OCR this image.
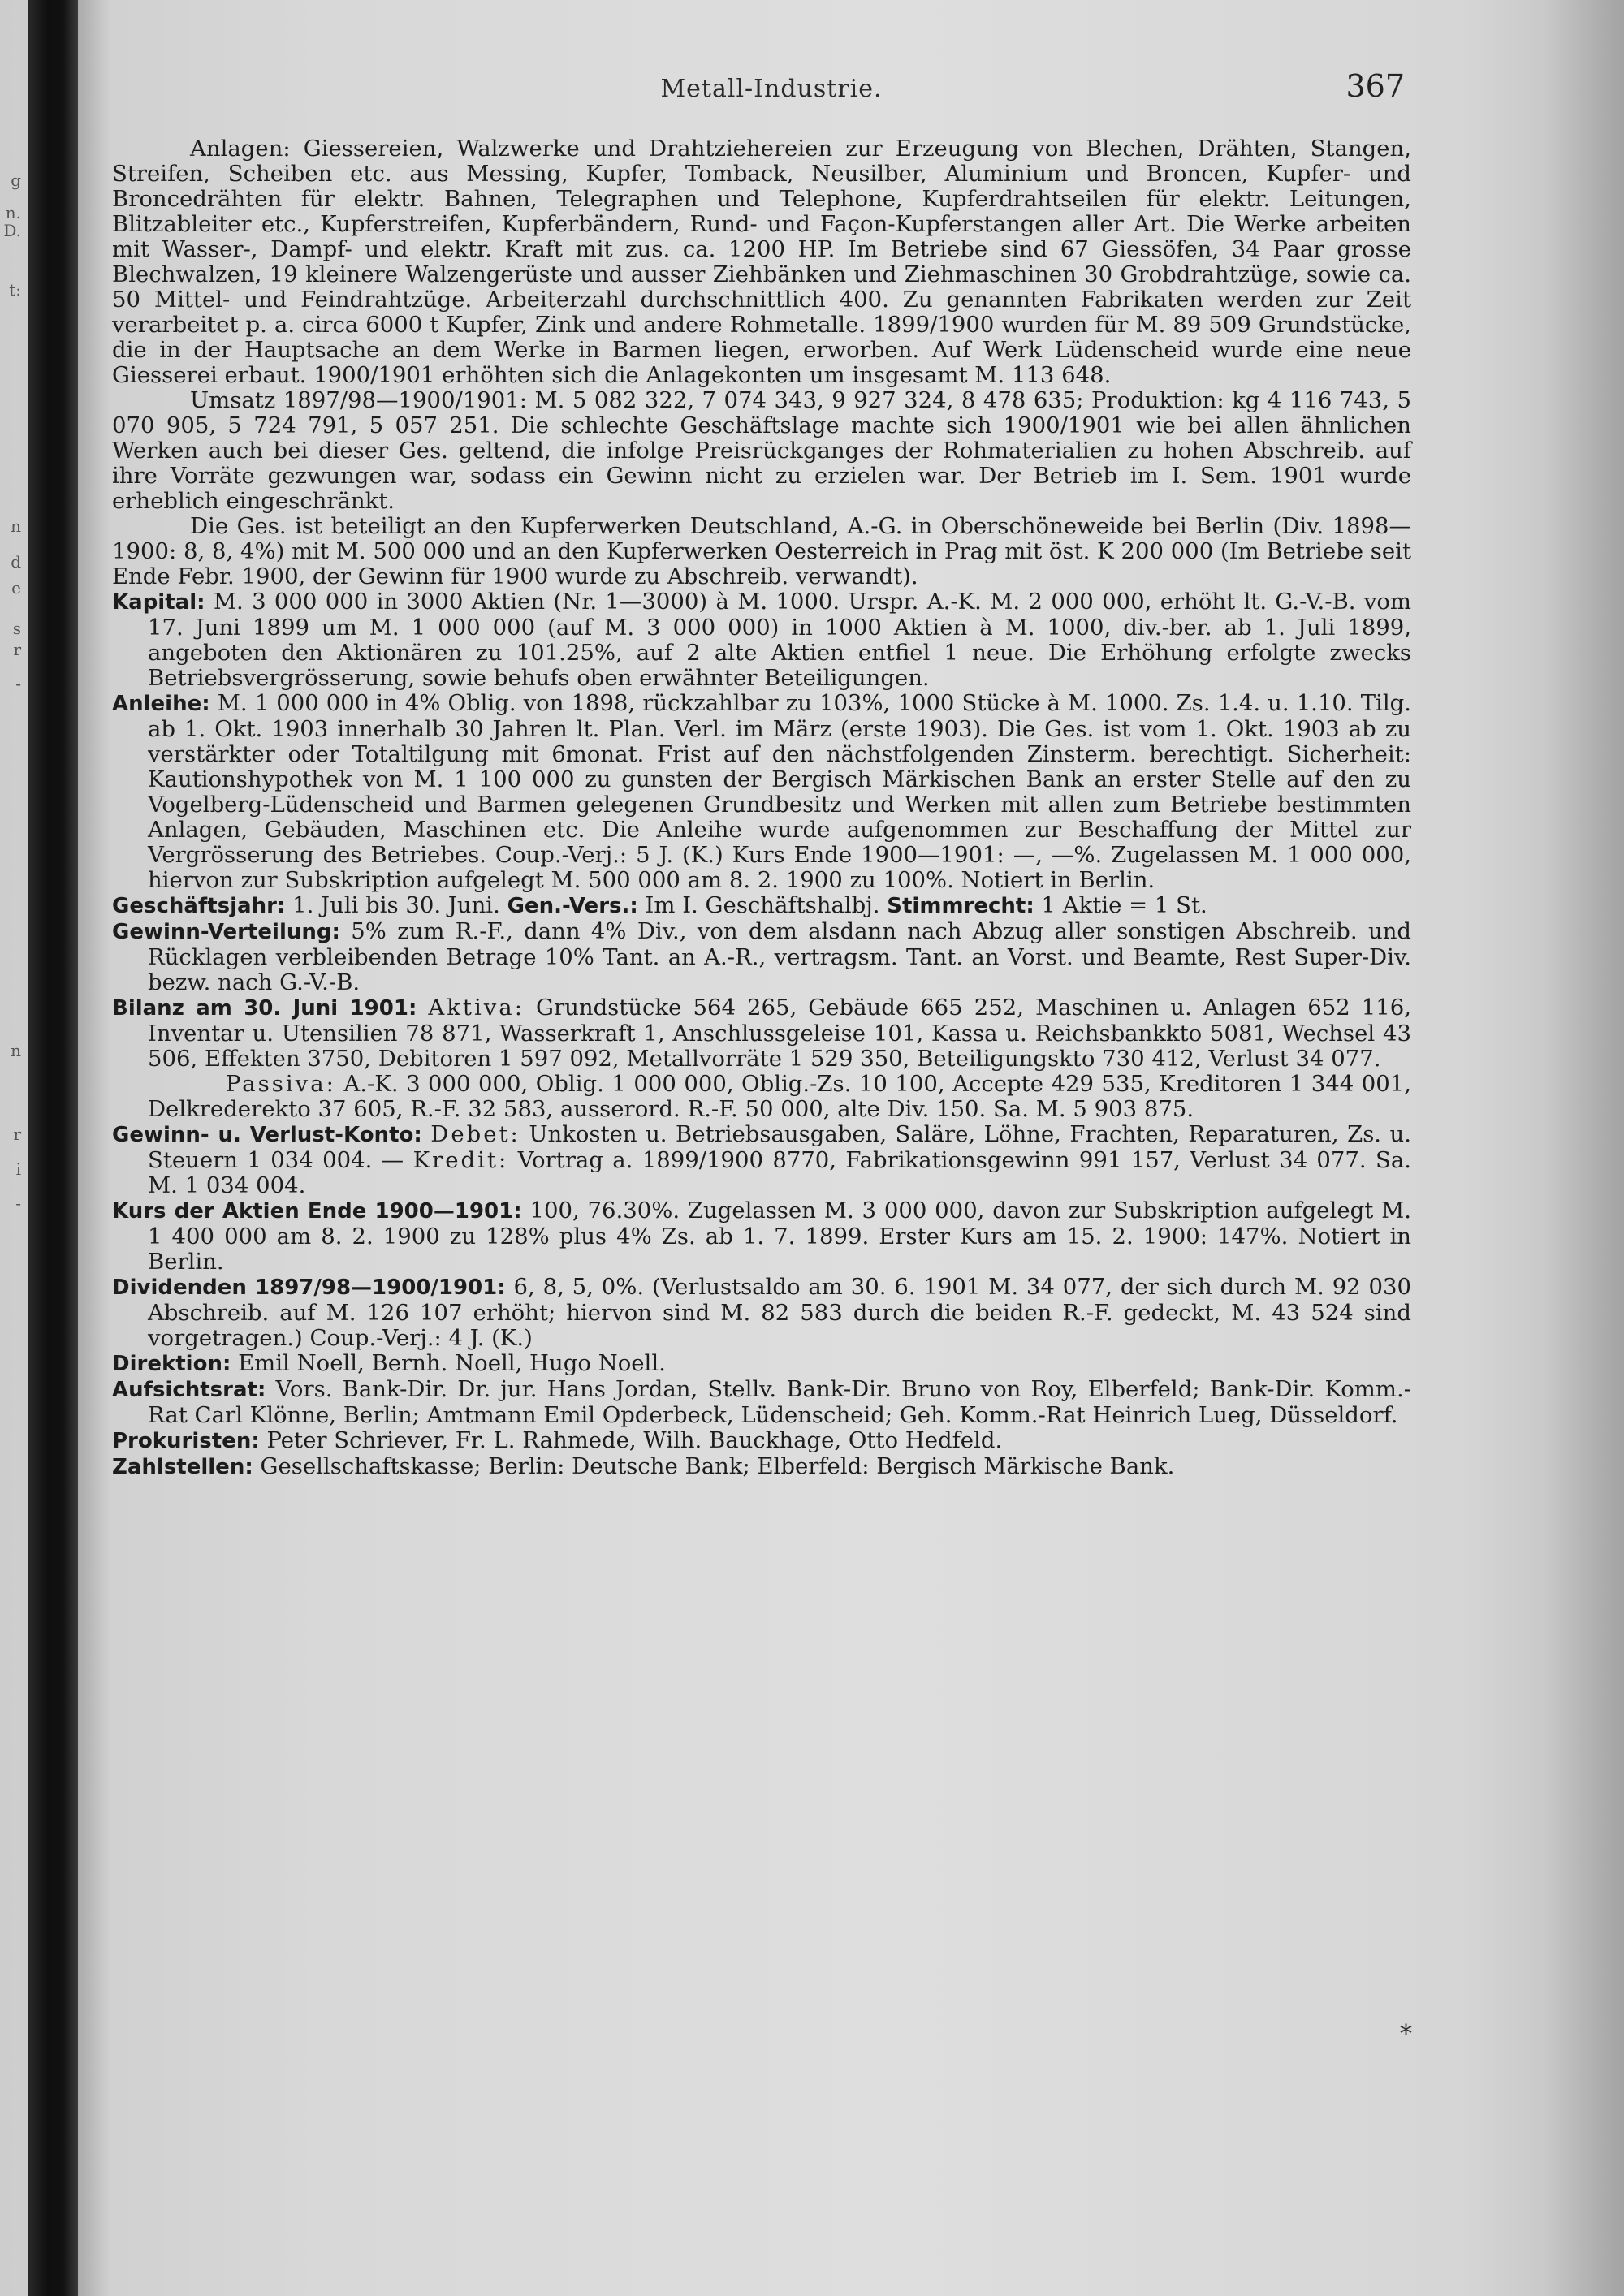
g
n.
D.
t:
n
d
e
s
r
-
n
r
i
-
Metall-Industrie.	367

Anlagen: Giessereien, Walzwerke und Drahtziehereien zur Erzeugung von Blechen, Drähten, Stangen, Streifen, Scheiben etc. aus Messing, Kupfer, Tomback, Neusilber, Aluminium und Broncen, Kupfer- und Broncedrähten für elektr. Bahnen, Telegraphen und Telephone, Kupferdrahtseilen für elektr. Leitungen, Blitzableiter etc., Kupferstreifen, Kupferbändern, Rund- und Façon-Kupferstangen aller Art. Die Werke arbeiten mit Wasser-, Dampf- und elektr. Kraft mit zus. ca. 1200 HP. Im Betriebe sind 67 Giessöfen, 34 Paar grosse Blechwalzen, 19 kleinere Walzengerüste und ausser Ziehbänken und Ziehmaschinen 30 Grobdrahtzüge, sowie ca. 50 Mittel- und Feindrahtzüge. Arbeiterzahl durchschnittlich 400. Zu genannten Fabrikaten werden zur Zeit verarbeitet p. a. circa 6000 t Kupfer, Zink und andere Rohmetalle. 1899/1900 wurden für M. 89 509 Grundstücke, die in der Hauptsache an dem Werke in Barmen liegen, erworben. Auf Werk Lüdenscheid wurde eine neue Giesserei erbaut. 1900/1901 erhöhten sich die Anlagekonten um insgesamt M. 113 648.

Umsatz 1897/98—1900/1901: M. 5 082 322, 7 074 343, 9 927 324, 8 478 635; Produktion: kg 4 116 743, 5 070 905, 5 724 791, 5 057 251. Die schlechte Geschäftslage machte sich 1900/1901 wie bei allen ähnlichen Werken auch bei dieser Ges. geltend, die infolge Preisrückganges der Rohmaterialien zu hohen Abschreib. auf ihre Vorräte gezwungen war, sodass ein Gewinn nicht zu erzielen war. Der Betrieb im I. Sem. 1901 wurde erheblich eingeschränkt.

Die Ges. ist beteiligt an den Kupferwerken Deutschland, A.-G. in Oberschöneweide bei Berlin (Div. 1898—1900: 8, 8, 4%) mit M. 500 000 und an den Kupferwerken Oesterreich in Prag mit öst. K 200 000 (Im Betriebe seit Ende Febr. 1900, der Gewinn für 1900 wurde zu Abschreib. verwandt).

Kapital: M. 3 000 000 in 3000 Aktien (Nr. 1—3000) à M. 1000. Urspr. A.-K. M. 2 000 000, erhöht lt. G.-V.-B. vom 17. Juni 1899 um M. 1 000 000 (auf M. 3 000 000) in 1000 Aktien à M. 1000, div.-ber. ab 1. Juli 1899, angeboten den Aktionären zu 101.25%, auf 2 alte Aktien entfiel 1 neue. Die Erhöhung erfolgte zwecks Betriebsvergrösserung, sowie behufs oben erwähnter Beteiligungen.

Anleihe: M. 1 000 000 in 4% Oblig. von 1898, rückzahlbar zu 103%, 1000 Stücke à M. 1000. Zs. 1.4. u. 1.10. Tilg. ab 1. Okt. 1903 innerhalb 30 Jahren lt. Plan. Verl. im März (erste 1903). Die Ges. ist vom 1. Okt. 1903 ab zu verstärkter oder Totaltilgung mit 6monat. Frist auf den nächstfolgenden Zinsterm. berechtigt. Sicherheit: Kautionshypothek von M. 1 100 000 zu gunsten der Bergisch Märkischen Bank an erster Stelle auf den zu Vogelberg-Lüdenscheid und Barmen gelegenen Grundbesitz und Werken mit allen zum Betriebe bestimmten Anlagen, Gebäuden, Maschinen etc. Die Anleihe wurde aufgenommen zur Beschaffung der Mittel zur Vergrösserung des Betriebes. Coup.-Verj.: 5 J. (K.) Kurs Ende 1900—1901: —, —%. Zugelassen M. 1 000 000, hiervon zur Subskription aufgelegt M. 500 000 am 8. 2. 1900 zu 100%. Notiert in Berlin.

Geschäftsjahr: 1. Juli bis 30. Juni. Gen.-Vers.: Im I. Geschäftshalbj. Stimmrecht: 1 Aktie = 1 St.

Gewinn-Verteilung: 5% zum R.-F., dann 4% Div., von dem alsdann nach Abzug aller sonstigen Abschreib. und Rücklagen verbleibenden Betrage 10% Tant. an A.-R., vertragsm. Tant. an Vorst. und Beamte, Rest Super-Div. bezw. nach G.-V.-B.

Bilanz am 30. Juni 1901: Aktiva: Grundstücke 564 265, Gebäude 665 252, Maschinen u. Anlagen 652 116, Inventar u. Utensilien 78 871, Wasserkraft 1, Anschlussgeleise 101, Kassa u. Reichsbankkto 5081, Wechsel 43 506, Effekten 3750, Debitoren 1 597 092, Metallvorräte 1 529 350, Beteiligungskto 730 412, Verlust 34 077.

Passiva: A.-K. 3 000 000, Oblig. 1 000 000, Oblig.-Zs. 10 100, Accepte 429 535, Kreditoren 1 344 001, Delkrederekto 37 605, R.-F. 32 583, ausserord. R.-F. 50 000, alte Div. 150. Sa. M. 5 903 875.

Gewinn- u. Verlust-Konto: Debet: Unkosten u. Betriebsausgaben, Saläre, Löhne, Frachten, Reparaturen, Zs. u. Steuern 1 034 004. — Kredit: Vortrag a. 1899/1900 8770, Fabrikationsgewinn 991 157, Verlust 34 077. Sa. M. 1 034 004.

Kurs der Aktien Ende 1900—1901: 100, 76.30%. Zugelassen M. 3 000 000, davon zur Subskription aufgelegt M. 1 400 000 am 8. 2. 1900 zu 128% plus 4% Zs. ab 1. 7. 1899. Erster Kurs am 15. 2. 1900: 147%. Notiert in Berlin.

Dividenden 1897/98—1900/1901: 6, 8, 5, 0%. (Verlustsaldo am 30. 6. 1901 M. 34 077, der sich durch M. 92 030 Abschreib. auf M. 126 107 erhöht; hiervon sind M. 82 583 durch die beiden R.-F. gedeckt, M. 43 524 sind vorgetragen.) Coup.-Verj.: 4 J. (K.)

Direktion: Emil Noell, Bernh. Noell, Hugo Noell.

Aufsichtsrat: Vors. Bank-Dir. Dr. jur. Hans Jordan, Stellv. Bank-Dir. Bruno von Roy, Elberfeld; Bank-Dir. Komm.-Rat Carl Klönne, Berlin; Amtmann Emil Opderbeck, Lüdenscheid; Geh. Komm.-Rat Heinrich Lueg, Düsseldorf.

Prokuristen: Peter Schriever, Fr. L. Rahmede, Wilh. Bauckhage, Otto Hedfeld.

Zahlstellen: Gesellschaftskasse; Berlin: Deutsche Bank; Elberfeld: Bergisch Märkische Bank.

*
